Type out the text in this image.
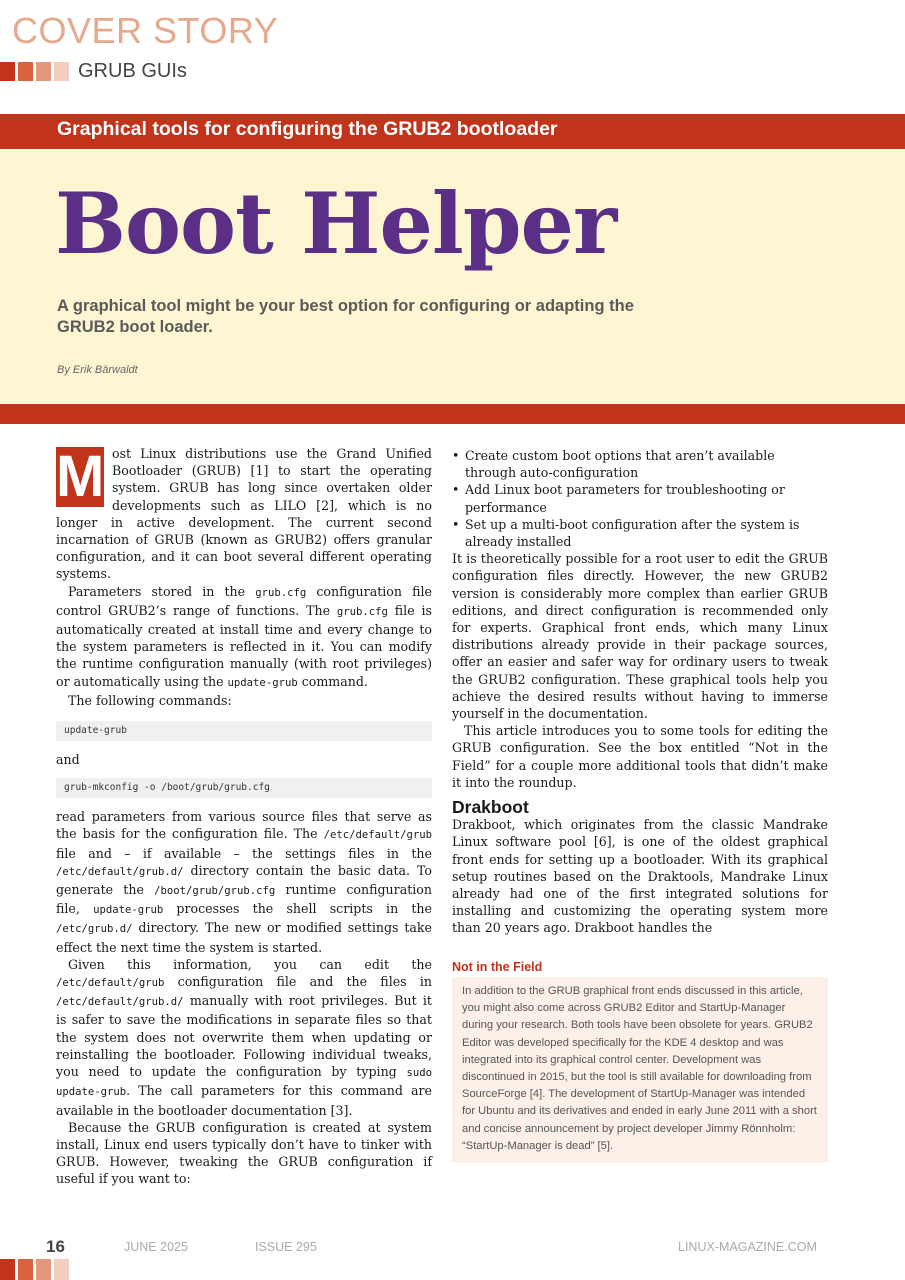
COVER STORY
GRUB GUIs
Graphical tools for configuring the GRUB2 bootloader
Boot Helper
A graphical tool might be your best option for configuring or adapting the GRUB2 boot loader.
By Erik Bärwaldt

M ost Linux distributions use the Grand Unified Bootloader (GRUB) [1] to start the operating system. GRUB has long since overtaken older developments such as LILO [2], which is no longer in active development. The current second incarnation of GRUB (known as GRUB2) offers granular configuration, and it can boot several different operating systems.

Parameters stored in the grub.cfg configuration file control GRUB2’s range of functions. The grub.cfg file is automatically created at install time and every change to the system parameters is reflected in it. You can modify the runtime configuration manually (with root privileges) or automatically using the update-grub command.

The following commands:

update-grub

and

grub-mkconfig -o /boot/grub/grub.cfg

read parameters from various source files that serve as the basis for the configuration file. The /etc/default/grub file and – if available – the settings files in the /etc/default/grub.d/ directory contain the basic data. To generate the /boot/grub/grub.cfg runtime configuration file, update-grub processes the shell scripts in the /etc/grub.d/ directory. The new or modified settings take effect the next time the system is started.

Given this information, you can edit the /etc/default/grub configuration file and the files in /etc/default/grub.d/ manually with root privileges. But it is safer to save the modifications in separate files so that the system does not overwrite them when updating or reinstalling the bootloader. Following individual tweaks, you need to update the configuration by typing sudo update-grub. The call parameters for this command are available in the bootloader documentation [3].

Because the GRUB configuration is created at system install, Linux end users typically don’t have to tinker with GRUB. However, tweaking the GRUB configuration if useful if you want to:

• Create custom boot options that aren’t available through auto-configuration
• Add Linux boot parameters for troubleshooting or performance
• Set up a multi-boot configuration after the system is already installed

It is theoretically possible for a root user to edit the GRUB configuration files directly. However, the new GRUB2 version is considerably more complex than earlier GRUB editions, and direct configuration is recommended only for experts. Graphical front ends, which many Linux distributions already provide in their package sources, offer an easier and safer way for ordinary users to tweak the GRUB2 configuration. These graphical tools help you achieve the desired results without having to immerse yourself in the documentation.

This article introduces you to some tools for editing the GRUB configuration. See the box entitled “Not in the Field” for a couple more additional tools that didn’t make it into the roundup.

Drakboot

Drakboot, which originates from the classic Mandrake Linux software pool [6], is one of the oldest graphical front ends for setting up a bootloader. With its graphical setup routines based on the Draktools, Mandrake Linux already had one of the first integrated solutions for installing and customizing the operating system more than 20 years ago. Drakboot handles the

Not in the Field
In addition to the GRUB graphical front ends discussed in this article, you might also come across GRUB2 Editor and StartUp-Manager during your research. Both tools have been obsolete for years. GRUB2 Editor was developed specifically for the KDE 4 desktop and was integrated into its graphical control center. Development was discontinued in 2015, but the tool is still available for downloading from SourceForge [4]. The development of StartUp-Manager was intended for Ubuntu and its derivatives and ended in early June 2011 with a short and concise announcement by project developer Jimmy Rönnholm: “StartUp-Manager is dead” [5].
16	JUNE 2025	ISSUE 295	LINUX-MAGAZINE.COM
